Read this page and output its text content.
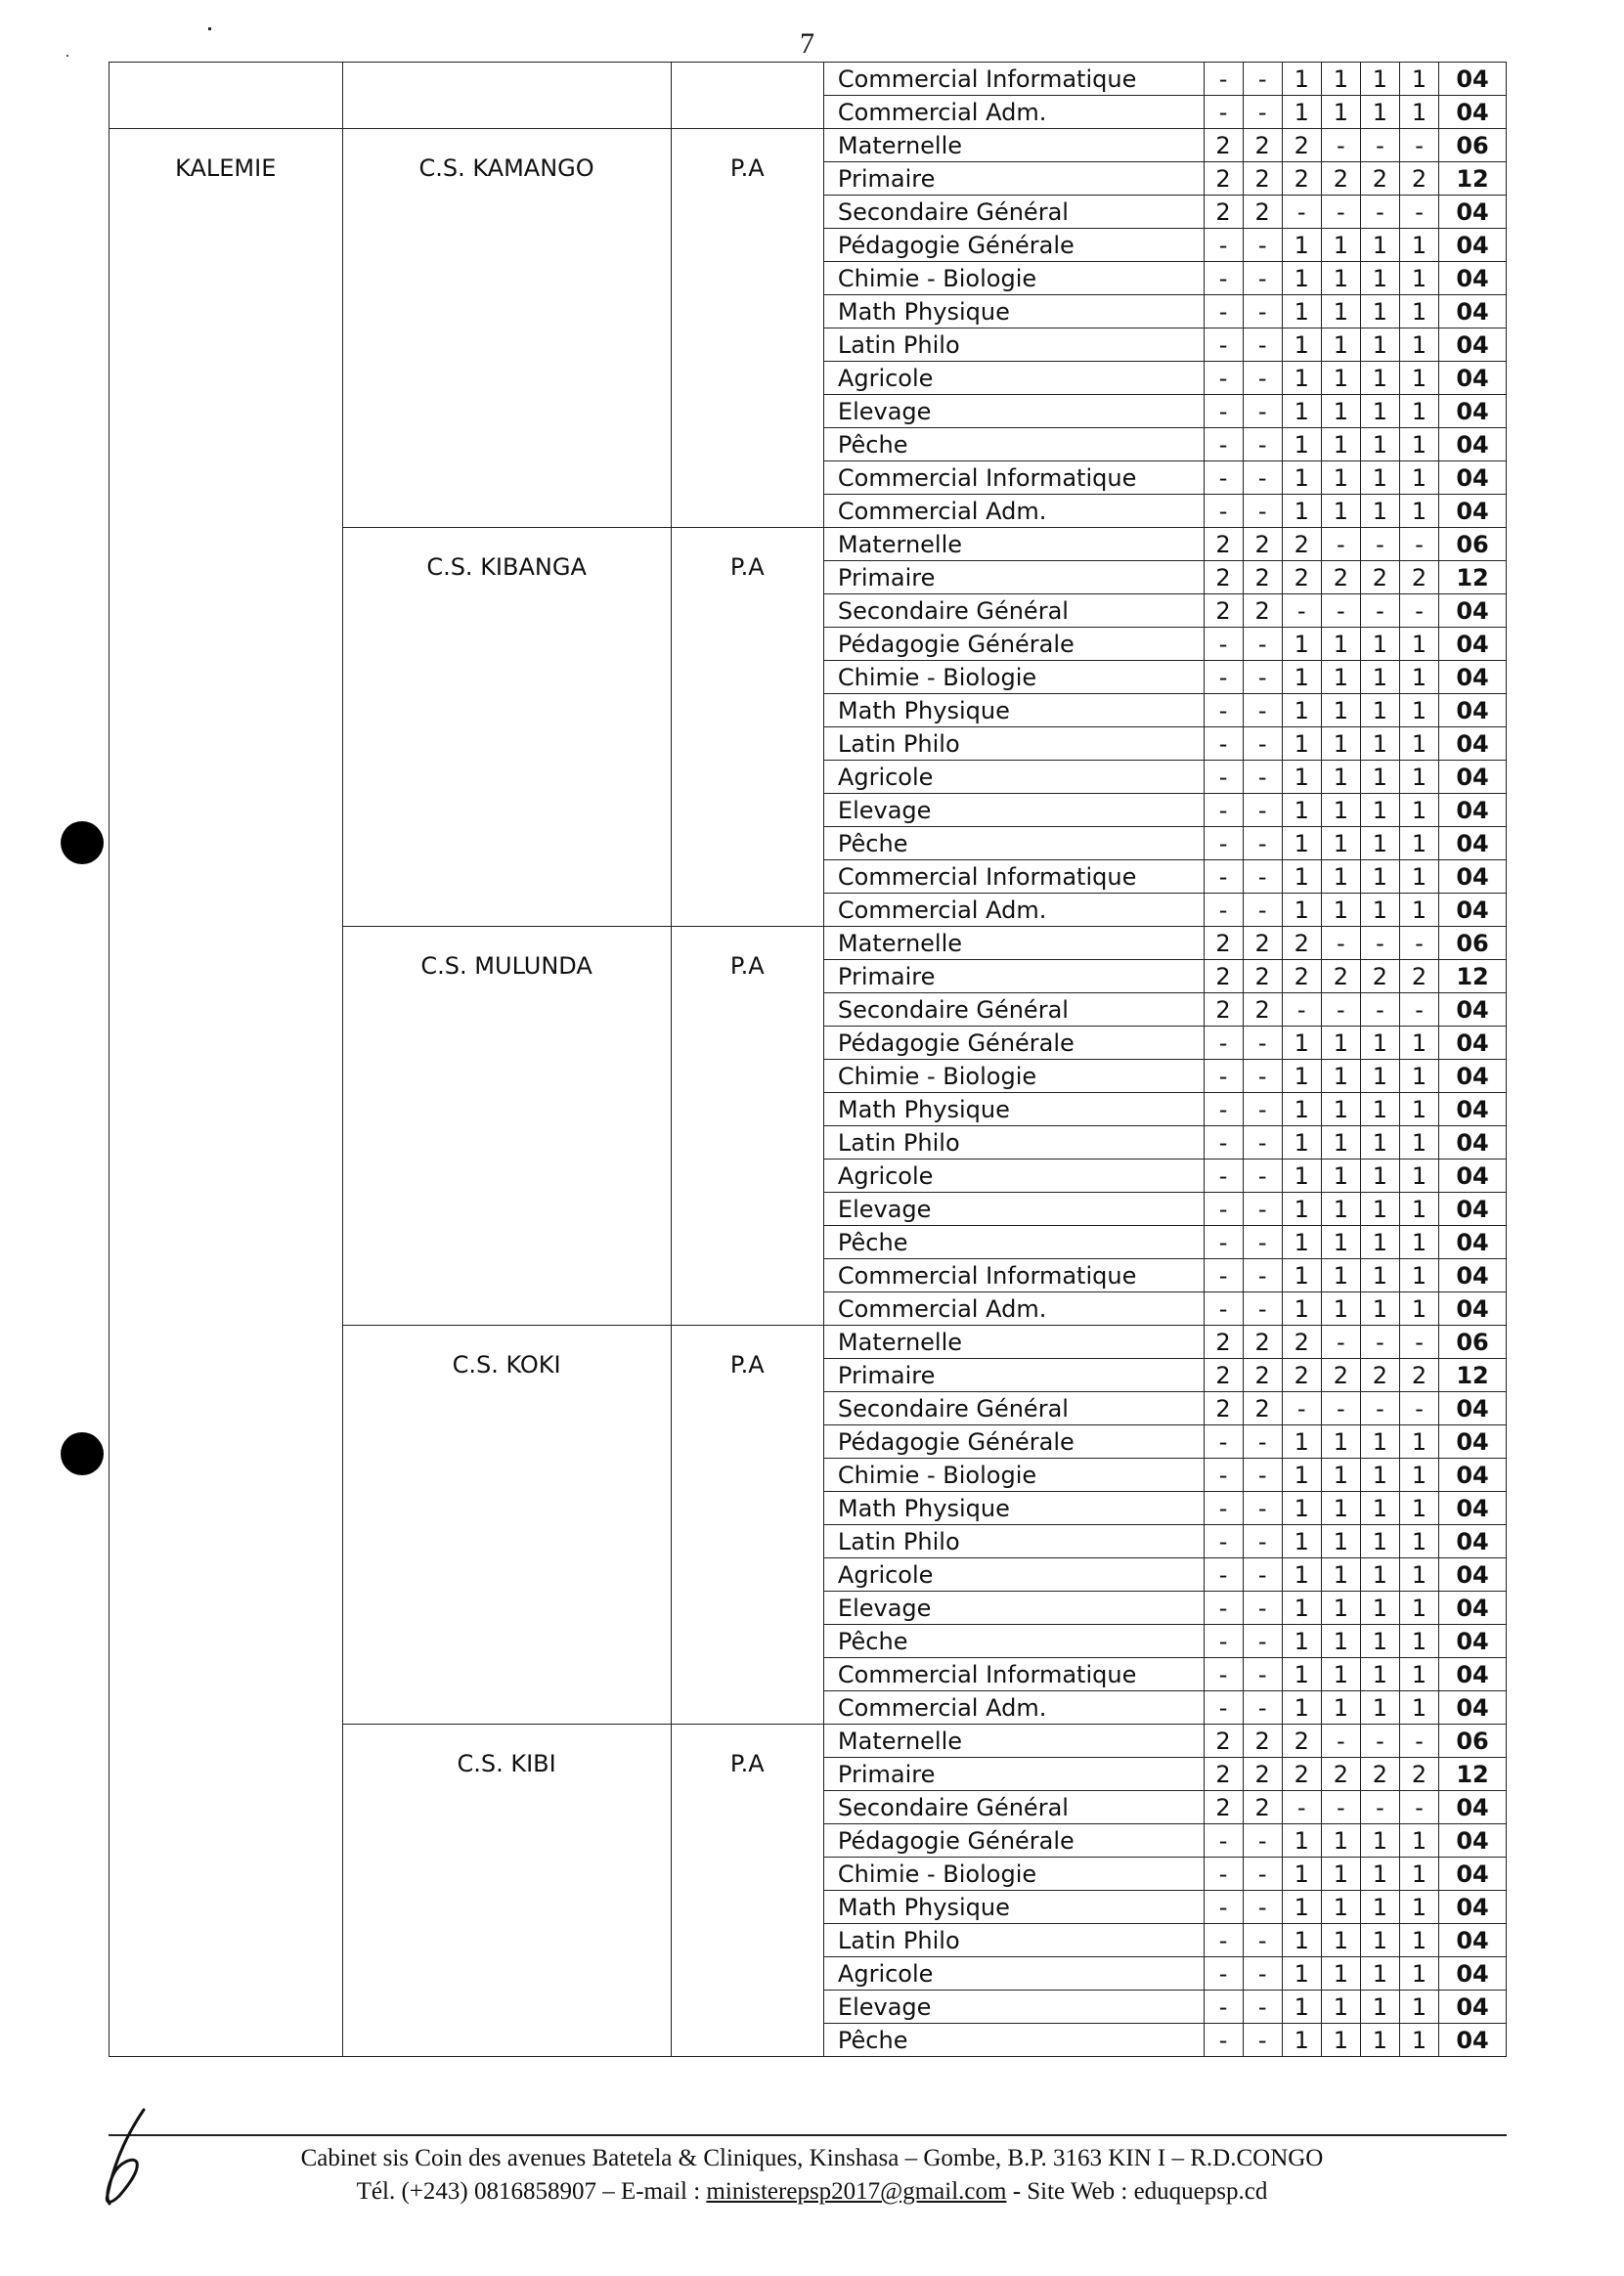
7
			Commercial Informatique	-	-	1	1	1	1	04
			Commercial Adm.	-	-	1	1	1	1	04

KALEMIE	C.S. KAMANGO	P.A	Maternelle	2	2	2	-	-	-	06
			Primaire	2	2	2	2	2	2	12
			Secondaire Général	2	2	-	-	-	-	04
			Pédagogie Générale	-	-	1	1	1	1	04
			Chimie - Biologie	-	-	1	1	1	1	04
			Math Physique	-	-	1	1	1	1	04
			Latin Philo	-	-	1	1	1	1	04
			Agricole	-	-	1	1	1	1	04
			Elevage	-	-	1	1	1	1	04
			Pêche	-	-	1	1	1	1	04
			Commercial Informatique	-	-	1	1	1	1	04
			Commercial Adm.	-	-	1	1	1	1	04

	C.S. KIBANGA	P.A	Maternelle	2	2	2	-	-	-	06
			Primaire	2	2	2	2	2	2	12
			Secondaire Général	2	2	-	-	-	-	04
			Pédagogie Générale	-	-	1	1	1	1	04
			Chimie - Biologie	-	-	1	1	1	1	04
			Math Physique	-	-	1	1	1	1	04
			Latin Philo	-	-	1	1	1	1	04
			Agricole	-	-	1	1	1	1	04
			Elevage	-	-	1	1	1	1	04
			Pêche	-	-	1	1	1	1	04
			Commercial Informatique	-	-	1	1	1	1	04
			Commercial Adm.	-	-	1	1	1	1	04

	C.S. MULUNDA	P.A	Maternelle	2	2	2	-	-	-	06
			Primaire	2	2	2	2	2	2	12
			Secondaire Général	2	2	-	-	-	-	04
			Pédagogie Générale	-	-	1	1	1	1	04
			Chimie - Biologie	-	-	1	1	1	1	04
			Math Physique	-	-	1	1	1	1	04
			Latin Philo	-	-	1	1	1	1	04
			Agricole	-	-	1	1	1	1	04
			Elevage	-	-	1	1	1	1	04
			Pêche	-	-	1	1	1	1	04
			Commercial Informatique	-	-	1	1	1	1	04
			Commercial Adm.	-	-	1	1	1	1	04

	C.S. KOKI	P.A	Maternelle	2	2	2	-	-	-	06
			Primaire	2	2	2	2	2	2	12
			Secondaire Général	2	2	-	-	-	-	04
			Pédagogie Générale	-	-	1	1	1	1	04
			Chimie - Biologie	-	-	1	1	1	1	04
			Math Physique	-	-	1	1	1	1	04
			Latin Philo	-	-	1	1	1	1	04
			Agricole	-	-	1	1	1	1	04
			Elevage	-	-	1	1	1	1	04
			Pêche	-	-	1	1	1	1	04
			Commercial Informatique	-	-	1	1	1	1	04
			Commercial Adm.	-	-	1	1	1	1	04

	C.S. KIBI	P.A	Maternelle	2	2	2	-	-	-	06
			Primaire	2	2	2	2	2	2	12
			Secondaire Général	2	2	-	-	-	-	04
			Pédagogie Générale	-	-	1	1	1	1	04
			Chimie - Biologie	-	-	1	1	1	1	04
			Math Physique	-	-	1	1	1	1	04
			Latin Philo	-	-	1	1	1	1	04
			Agricole	-	-	1	1	1	1	04
			Elevage	-	-	1	1	1	1	04
			Pêche	-	-	1	1	1	1	04
Cabinet sis Coin des avenues Batetela & Cliniques, Kinshasa – Gombe, B.P. 3163 KIN I – R.D.CONGO
Tél. (+243) 0816858907 – E-mail : ministerepsp2017@gmail.com - Site Web : eduquepsp.cd
